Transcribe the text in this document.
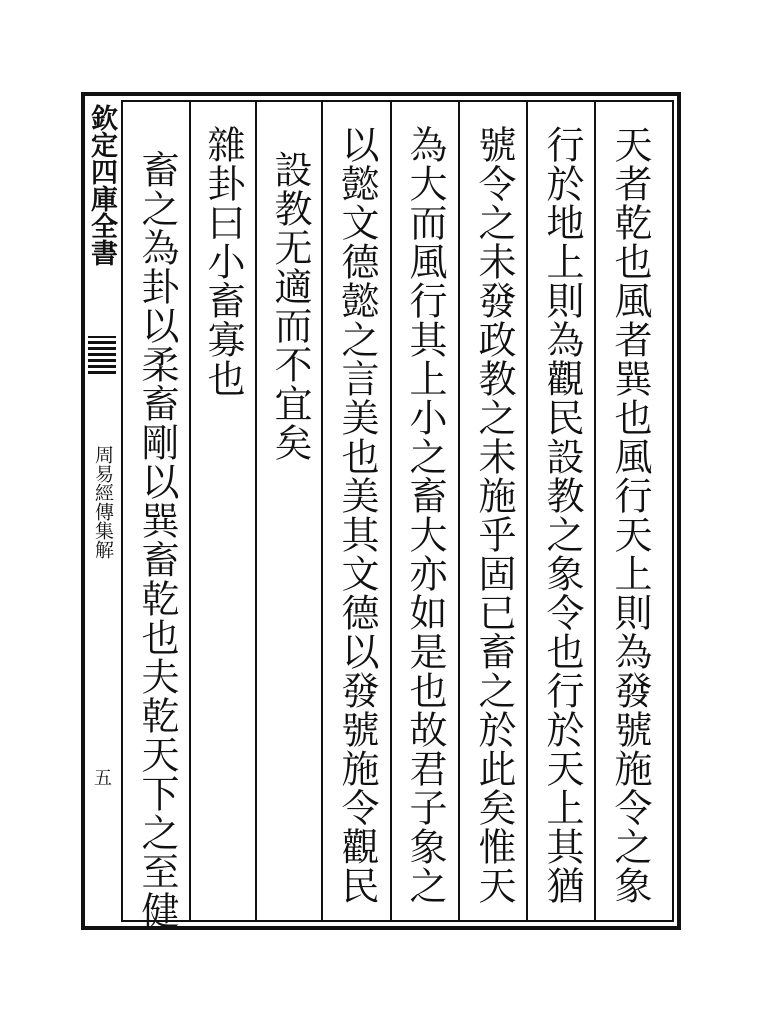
欽定四庫全書
周易經傳集解
五	天者乾也風者巽也風行天上則為發號施令之象
行於地上則為觀民設教之象令也行於天上其猶
號令之未發政教之未施乎固已畜之於此矣惟天
為大而風行其上小之畜大亦如是也故君子象之
以懿文德懿之言美也美其文德以發號施令觀民
設教无適而不宜矣
雜卦曰小畜寡也
畜之為卦以柔畜剛以巽畜乾也夫乾天下之至健
